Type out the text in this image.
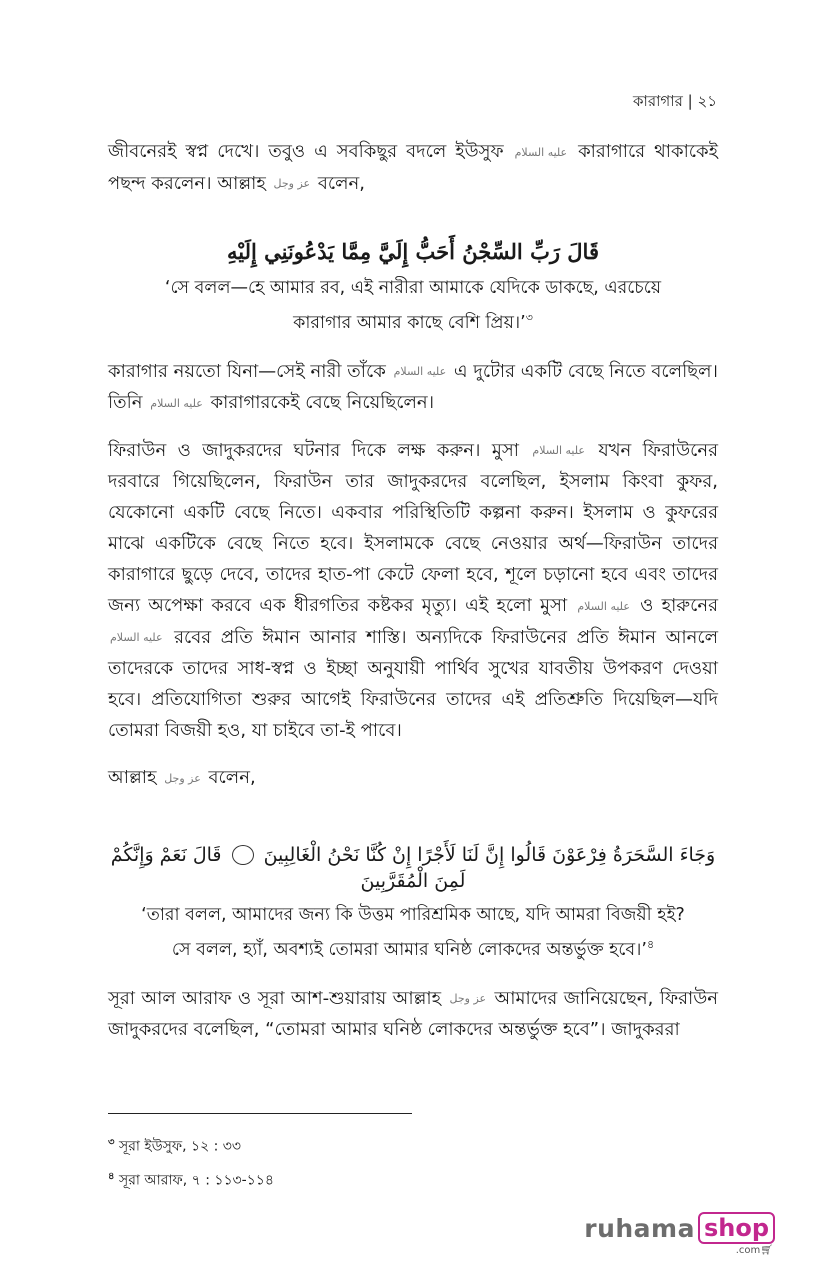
কারাগার | ২১

জীবনেরই স্বপ্ন দেখে। তবুও এ সবকিছুর বদলে ইউসুফ عليه السلام কারাগারে থাকাকেই পছন্দ করলেন। আল্লাহ عز وجل বলেন,

قَالَ رَبِّ السِّجْنُ أَحَبُّ إِلَيَّ مِمَّا يَدْعُونَنِي إِلَيْهِ
‘সে বলল—হে আমার রব, এই নারীরা আমাকে যেদিকে ডাকছে, এরচেয়ে
কারাগার আমার কাছে বেশি প্রিয়।’$^৩$

কারাগার নয়তো যিনা—সেই নারী তাঁকে عليه السلام এ দুটোর একটি বেছে নিতে বলেছিল। তিনি عليه السلام কারাগারকেই বেছে নিয়েছিলেন।

ফিরাউন ও জাদুকরদের ঘটনার দিকে লক্ষ করুন। মুসা عليه السلام যখন ফিরাউনের দরবারে গিয়েছিলেন, ফিরাউন তার জাদুকরদের বলেছিল, ইসলাম কিংবা কুফর, যেকোনো একটি বেছে নিতে। একবার পরিস্থিতিটি কল্পনা করুন। ইসলাম ও কুফরের মাঝে একটিকে বেছে নিতে হবে। ইসলামকে বেছে নেওয়ার অর্থ—ফিরাউন তাদের কারাগারে ছুড়ে দেবে, তাদের হাত-পা কেটে ফেলা হবে, শূলে চড়ানো হবে এবং তাদের জন্য অপেক্ষা করবে এক ধীরগতির কষ্টকর মৃত্যু। এই হলো মুসা عليه السلام ও হারুনের عليه السلام রবের প্রতি ঈমান আনার শাস্তি। অন্যদিকে ফিরাউনের প্রতি ঈমান আনলে তাদেরকে তাদের সাধ-স্বপ্ন ও ইচ্ছা অনুযায়ী পার্থিব সুখের যাবতীয় উপকরণ দেওয়া হবে। প্রতিযোগিতা শুরুর আগেই ফিরাউনের তাদের এই প্রতিশ্রুতি দিয়েছিল—যদি তোমরা বিজয়ী হও, যা চাইবে তা-ই পাবে।

আল্লাহ عز وجل বলেন,

وَجَاءَ السَّحَرَةُ فِرْعَوْنَ قَالُوا إِنَّ لَنَا لَأَجْرًا إِنْ كُنَّا نَحْنُ الْغَالِبِينَ  قَالَ نَعَمْ وَإِنَّكُمْ لَمِنَ الْمُقَرَّبِينَ
‘তারা বলল, আমাদের জন্য কি উত্তম পারিশ্রমিক আছে, যদি আমরা বিজয়ী হই?
সে বলল, হ্যাঁ, অবশ্যই তোমরা আমার ঘনিষ্ঠ লোকদের অন্তর্ভুক্ত হবে।’$^৪$

সূরা আল আরাফ ও সূরা আশ-শুয়ারায় আল্লাহ عز وجل আমাদের জানিয়েছেন, ফিরাউন জাদুকরদের বলেছিল, “তোমরা আমার ঘনিষ্ঠ লোকদের অন্তর্ভুক্ত হবে”। জাদুকররা

$^৩$ সূরা ইউসুফ, ১২ : ৩৩
$^৪$ সূরা আরাফ, ৭ : ১১৩-১১৪
ruhama shop
.com🛒︎
